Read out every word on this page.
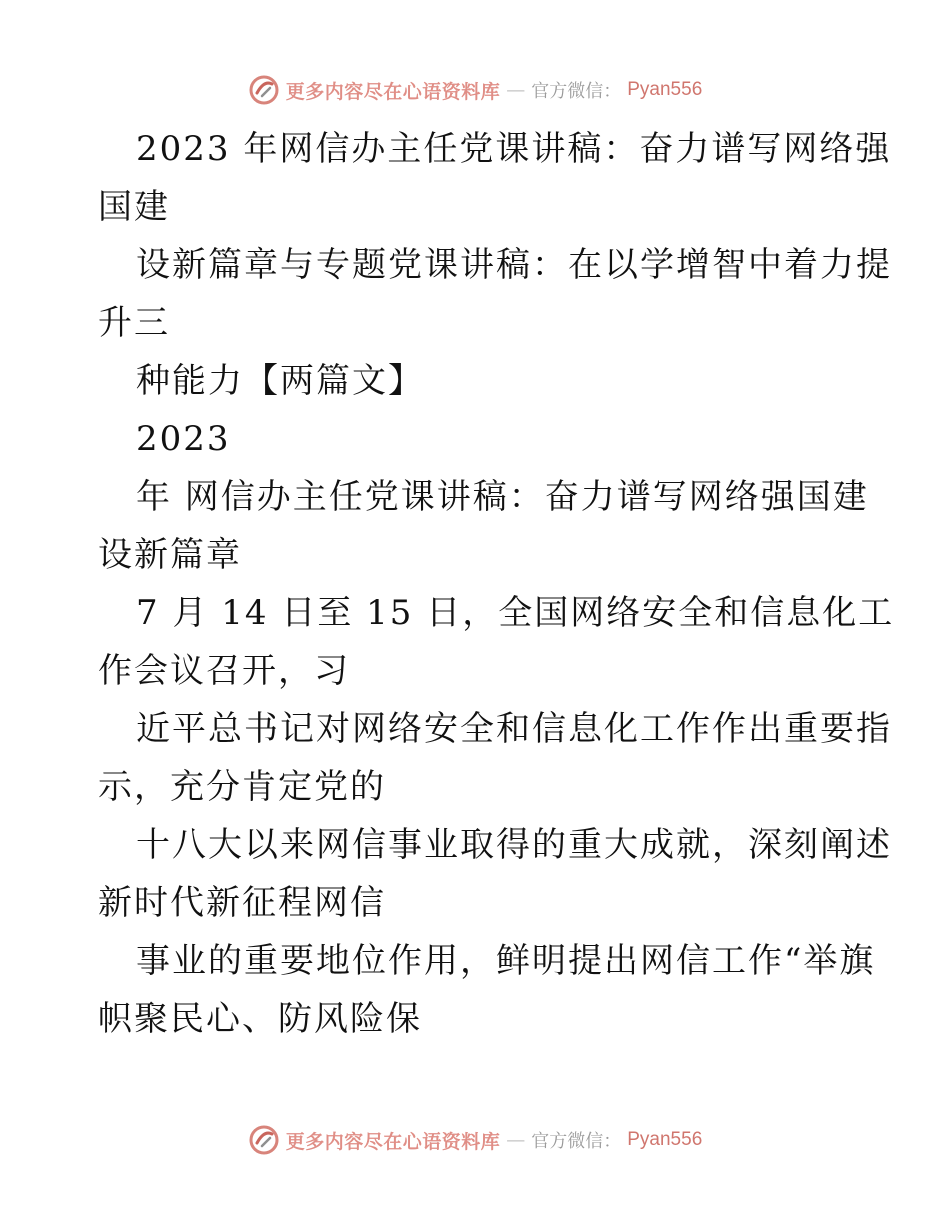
更多内容尽在心语资料库 — 官方微信： Pyan556
2023 年网信办主任党课讲稿：奋力谱写网络强
国建
设新篇章与专题党课讲稿：在以学增智中着力提
升三
种能力【两篇文】
2023
年 网信办主任党课讲稿：奋力谱写网络强国建
设新篇章
7 月 14 日至 15 日，全国网络安全和信息化工
作会议召开，习
近平总书记对网络安全和信息化工作作出重要指
示，充分肯定党的
十八大以来网信事业取得的重大成就，深刻阐述
新时代新征程网信
事业的重要地位作用，鲜明提出网信工作“举旗
帜聚民心、防风险保
更多内容尽在心语资料库 — 官方微信： Pyan556
